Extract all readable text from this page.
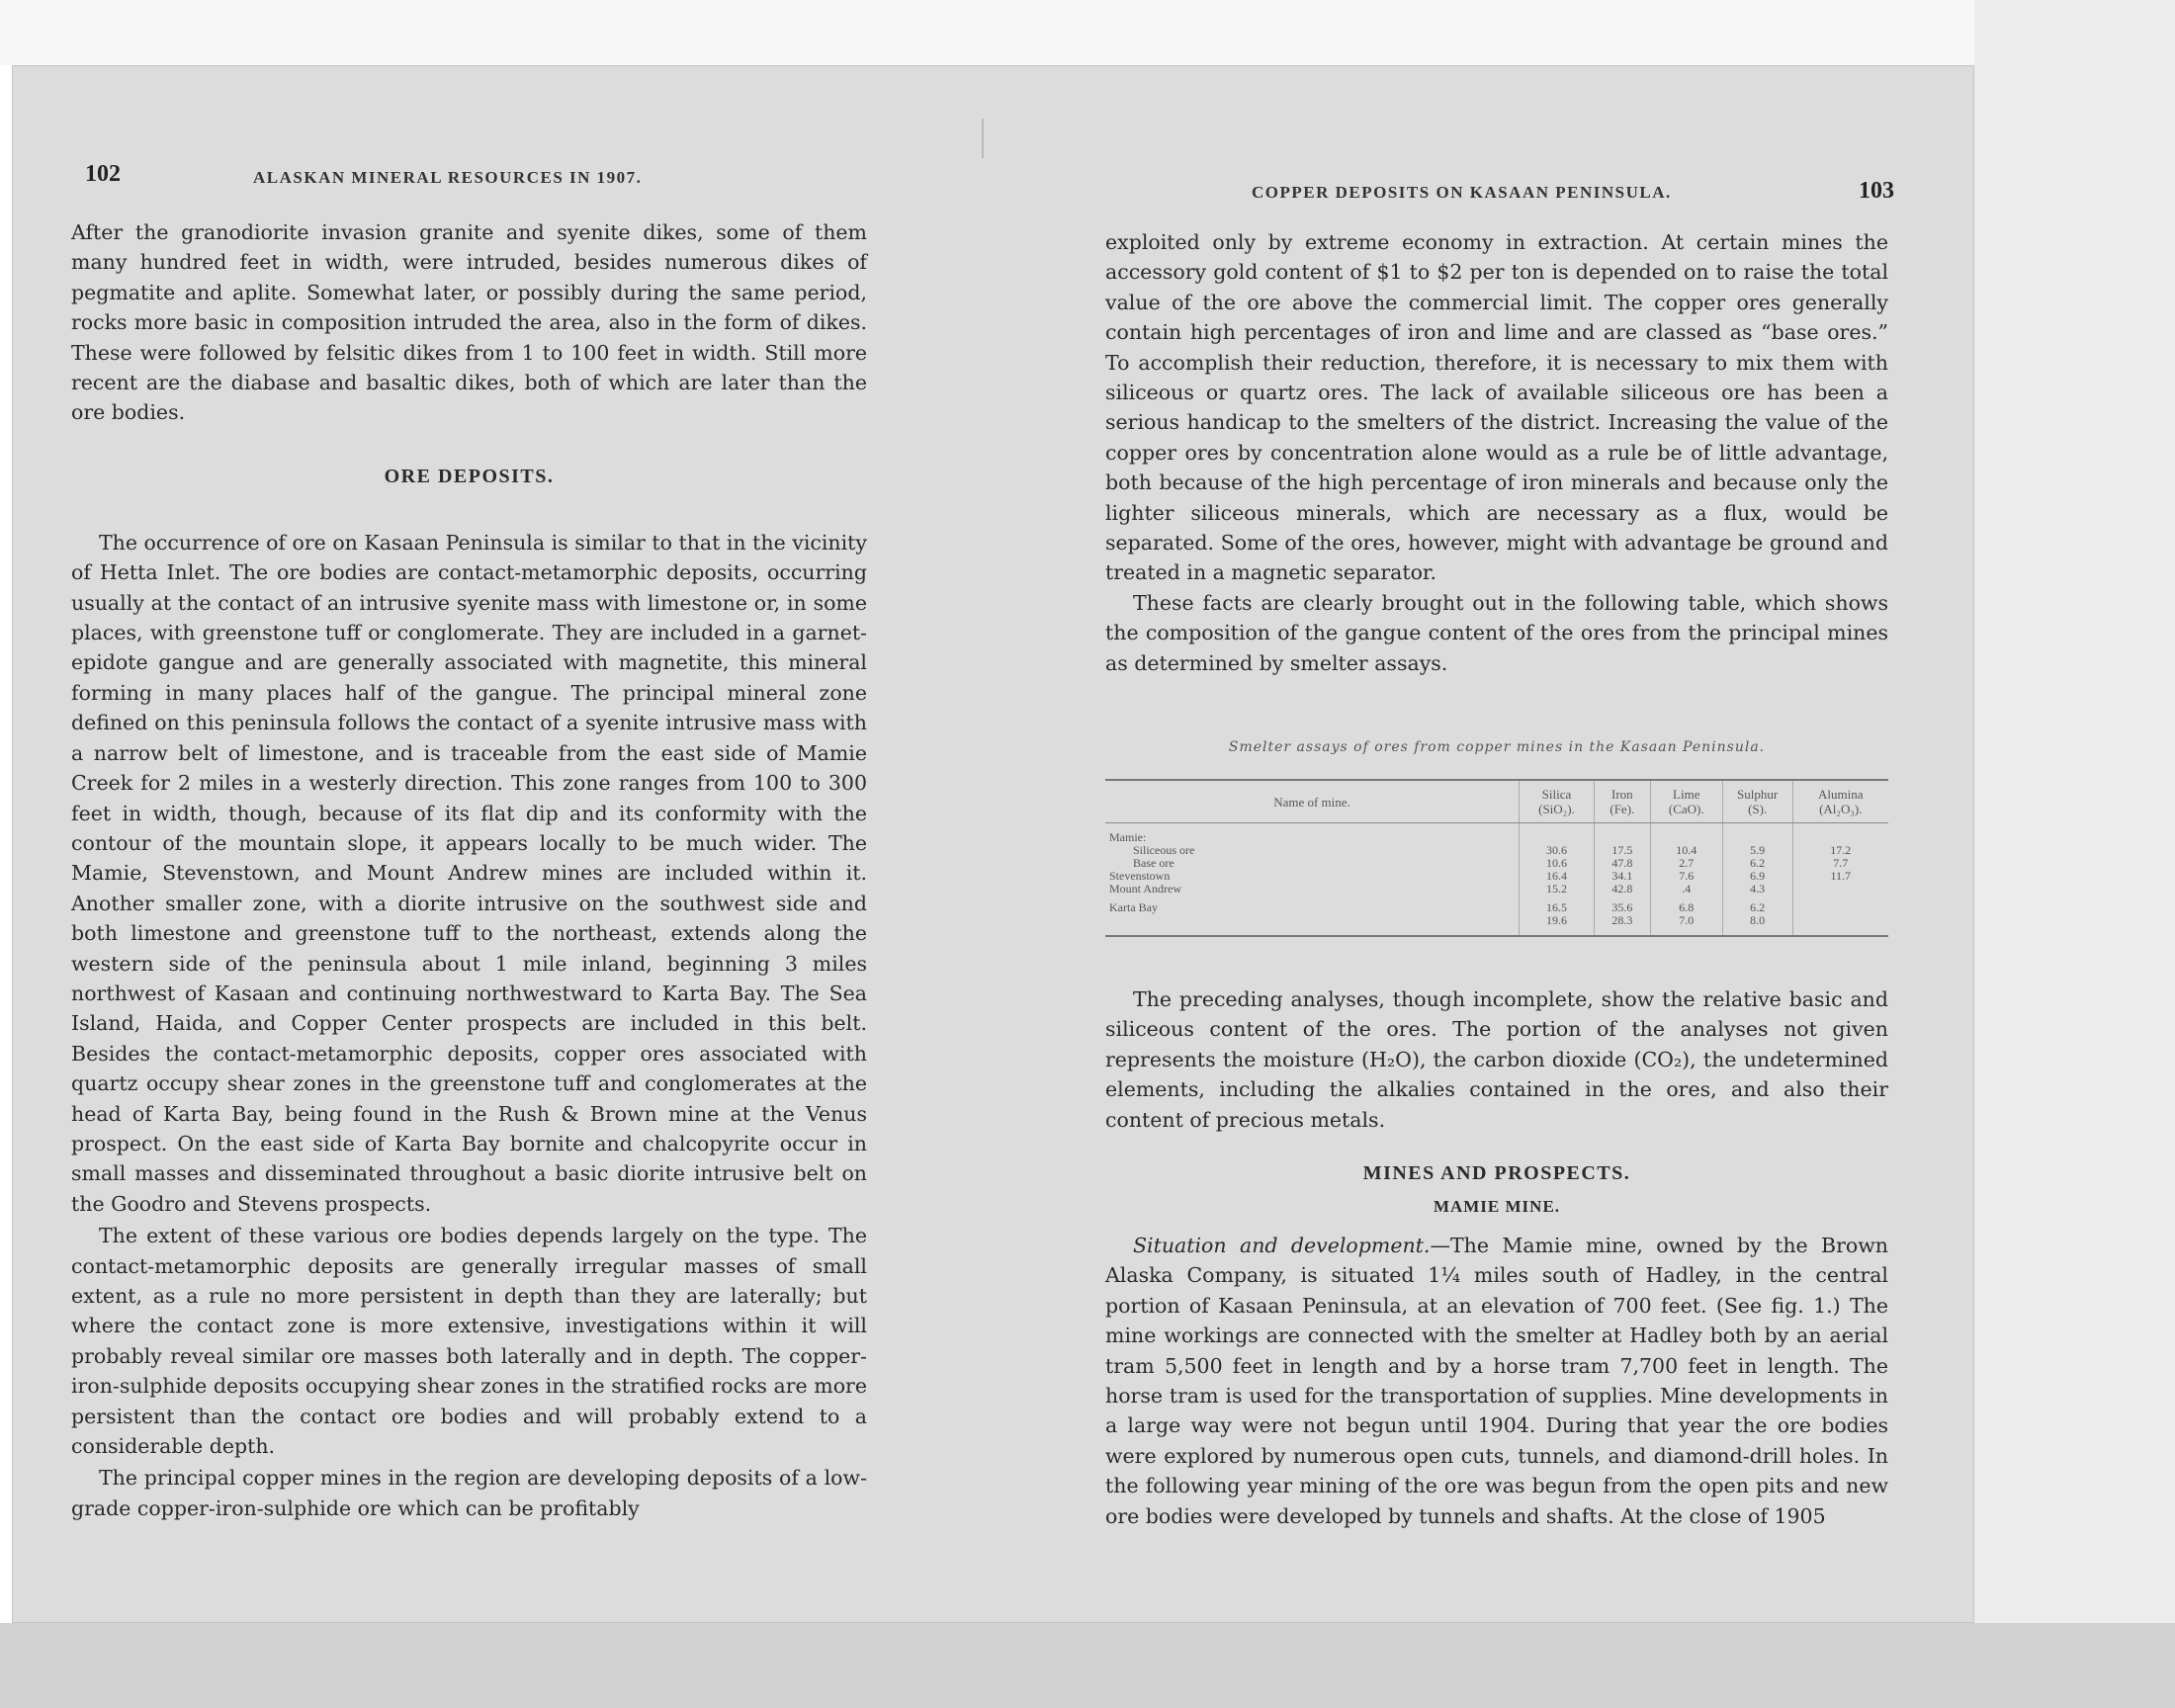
102	ALASKAN MINERAL RESOURCES IN 1907.

After the granodiorite invasion granite and syenite dikes, some of them many hundred feet in width, were intruded, besides numerous dikes of pegmatite and aplite. Somewhat later, or possibly during the same period, rocks more basic in composition intruded the area, also in the form of dikes. These were followed by felsitic dikes from 1 to 100 feet in width. Still more recent are the diabase and basaltic dikes, both of which are later than the ore bodies.

ORE DEPOSITS.

The occurrence of ore on Kasaan Peninsula is similar to that in the vicinity of Hetta Inlet. The ore bodies are contact-metamorphic deposits, occurring usually at the contact of an intrusive syenite mass with limestone or, in some places, with greenstone tuff or conglomerate. They are included in a garnet-epidote gangue and are generally associated with magnetite, this mineral forming in many places half of the gangue. The principal mineral zone defined on this peninsula follows the contact of a syenite intrusive mass with a narrow belt of limestone, and is traceable from the east side of Mamie Creek for 2 miles in a westerly direction. This zone ranges from 100 to 300 feet in width, though, because of its flat dip and its conformity with the contour of the mountain slope, it appears locally to be much wider. The Mamie, Stevenstown, and Mount Andrew mines are included within it. Another smaller zone, with a diorite intrusive on the southwest side and both limestone and greenstone tuff to the northeast, extends along the western side of the peninsula about 1 mile inland, beginning 3 miles northwest of Kasaan and continuing northwestward to Karta Bay. The Sea Island, Haida, and Copper Center prospects are included in this belt. Besides the contact-metamorphic deposits, copper ores associated with quartz occupy shear zones in the greenstone tuff and conglomerates at the head of Karta Bay, being found in the Rush & Brown mine at the Venus prospect. On the east side of Karta Bay bornite and chalcopyrite occur in small masses and disseminated throughout a basic diorite intrusive belt on the Goodro and Stevens prospects.

The extent of these various ore bodies depends largely on the type. The contact-metamorphic deposits are generally irregular masses of small extent, as a rule no more persistent in depth than they are laterally; but where the contact zone is more extensive, investigations within it will probably reveal similar ore masses both laterally and in depth. The copper-iron-sulphide deposits occupying shear zones in the stratified rocks are more persistent than the contact ore bodies and will probably extend to a considerable depth.

The principal copper mines in the region are developing deposits of a low-grade copper-iron-sulphide ore which can be profitably

COPPER DEPOSITS ON KASAAN PENINSULA.	103

exploited only by extreme economy in extraction. At certain mines the accessory gold content of $1 to $2 per ton is depended on to raise the total value of the ore above the commercial limit. The copper ores generally contain high percentages of iron and lime and are classed as “base ores.” To accomplish their reduction, therefore, it is necessary to mix them with siliceous or quartz ores. The lack of available siliceous ore has been a serious handicap to the smelters of the district. Increasing the value of the copper ores by concentration alone would as a rule be of little advantage, both because of the high percentage of iron minerals and because only the lighter siliceous minerals, which are necessary as a flux, would be separated. Some of the ores, however, might with advantage be ground and treated in a magnetic separator.

These facts are clearly brought out in the following table, which shows the composition of the gangue content of the ores from the principal mines as determined by smelter assays.

Smelter assays of ores from copper mines in the Kasaan Peninsula.
Name of mine.	Silica (SiO₂).	Iron (Fe).	Lime (CaO).	Sulphur (S).	Alumina (Al₂O₃).
Mamie:					
Siliceous ore	30.6	17.5	10.4	5.9	17.2
Base ore	10.6	47.8	2.7	6.2	7.7
Stevenstown	16.4	34.1	7.6	6.9	11.7
Mount Andrew	15.2	42.8	.4	4.3	
Karta Bay	16.5	35.6	6.8	6.2	
	19.6	28.3	7.0	8.0	

The preceding analyses, though incomplete, show the relative basic and siliceous content of the ores. The portion of the analyses not given represents the moisture (H₂O), the carbon dioxide (CO₂), the undetermined elements, including the alkalies contained in the ores, and also their content of precious metals.

MINES AND PROSPECTS.
MAMIE MINE.

Situation and development.—The Mamie mine, owned by the Brown Alaska Company, is situated 1¼ miles south of Hadley, in the central portion of Kasaan Peninsula, at an elevation of 700 feet. (See fig. 1.) The mine workings are connected with the smelter at Hadley both by an aerial tram 5,500 feet in length and by a horse tram 7,700 feet in length. The horse tram is used for the transportation of supplies. Mine developments in a large way were not begun until 1904. During that year the ore bodies were explored by numerous open cuts, tunnels, and diamond-drill holes. In the following year mining of the ore was begun from the open pits and new ore bodies were developed by tunnels and shafts. At the close of 1905
